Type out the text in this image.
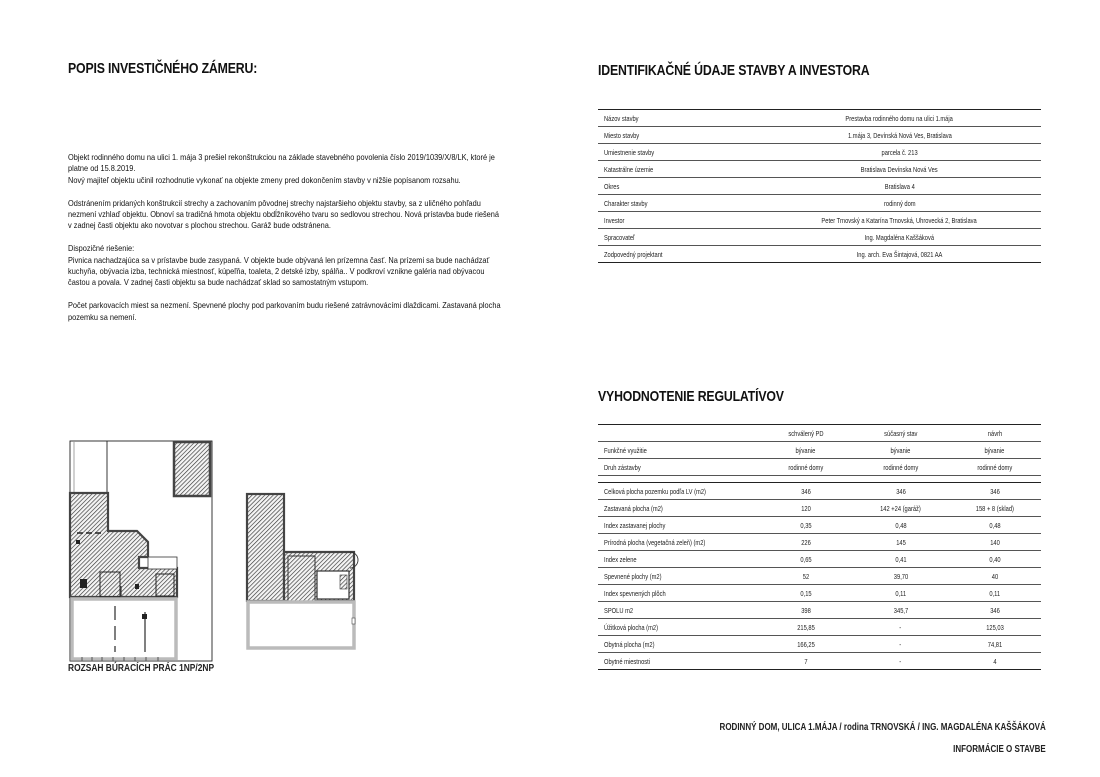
POPIS INVESTIČNÉHO ZÁMERU:

Objekt rodinného domu na ulici 1. mája 3 prešiel rekonštrukciou na základe stavebného povolenia číslo 2019/1039/X/8/LK, ktoré je platne od 15.8.2019.

Nový majiteľ objektu učinil rozhodnutie vykonať na objekte zmeny pred dokončením stavby v nižšie popísanom rozsahu.

Odstránením pridaných konštrukcií strechy a zachovaním pôvodnej strechy najstaršieho objektu stavby, sa z uličného pohľadu nezmení vzhlaď objektu. Obnoví sa tradičná hmota objektu obdĺžnikového tvaru so sedlovou strechou. Nová prístavba bude riešená v zadnej časti objektu ako novotvar s plochou strechou. Garáž bude odstránena.

Dispozičné riešenie:

Pivnica nachadzajúca sa v prístavbe bude zasypaná. V objekte bude obývaná len prízemna časť. Na prízemi sa bude nachádzať kuchyňa, obývacia izba, technická miestnosť, kúpeľňa, toaleta, 2 detské izby, spálňa.. V podkroví vznikne galéria nad obývacou častou a povala. V zadnej časti objektu sa bude nachádzať sklad so samostatným vstupom.

Počet parkovacích miest sa nezmení. Spevnené plochy pod parkovaním budu riešené zatrávnovácími dlaždicami. Zastavaná plocha pozemku sa nemení.

ROZSAH BÚRACÍCH PRÁC 1NP/2NP
IDENTIFIKAČNÉ ÚDAJE STAVBY A INVESTORA
Názov stavby	Prestavba rodinného domu na ulici 1.mája
Miesto stavby	1.mája 3, Devínská Nová Ves, Bratislava
Umiestnenie stavby	parcela č. 213
Katastrálne územie	Bratislava Devínska Nová Ves
Okres	Bratislava 4
Charakter stavby	rodinný dom
Investor	Peter Trnovský a Katarína Trnovská, Uhrovecká 2, Bratislava
Spracovateľ	Ing. Magdaléna Kaššáková
Zodpovedný projektant	Ing. arch. Eva Šintajová, 0821 AA
VYHODNOTENIE REGULATÍVOV
	schválený PD	súčasný stav	návrh
Funkčné využitie	bývanie	bývanie	bývanie
Druh zástavby	rodinné domy	rodinné domy	rodinné domy

Celková plocha pozemku podľa LV (m2)	346	346	346
Zastavaná plocha (m2)	120	142 +24 (garáž)	158 + 8 (sklad)
Index zastavanej plochy	0,35	0,48	0,48
Prírodná plocha (vegetačná zeleň) (m2)	226	145	140
Index zelene	0,65	0,41	0,40
Spevnené plochy (m2)	52	39,70	40
Index spevnených plôch	0,15	0,11	0,11
SPOLU m2	398	345,7	346
Úžitková plocha (m2)	215,85	-	125,03
Obytná plocha (m2)	166,25	-	74,81
Obytné miestnosti	7	-	4
RODINNÝ DOM, ULICA 1.MÁJA / rodina TRNOVSKÁ / ING. MAGDALÉNA KAŠŠÁKOVÁ
INFORMÁCIE O STAVBE
